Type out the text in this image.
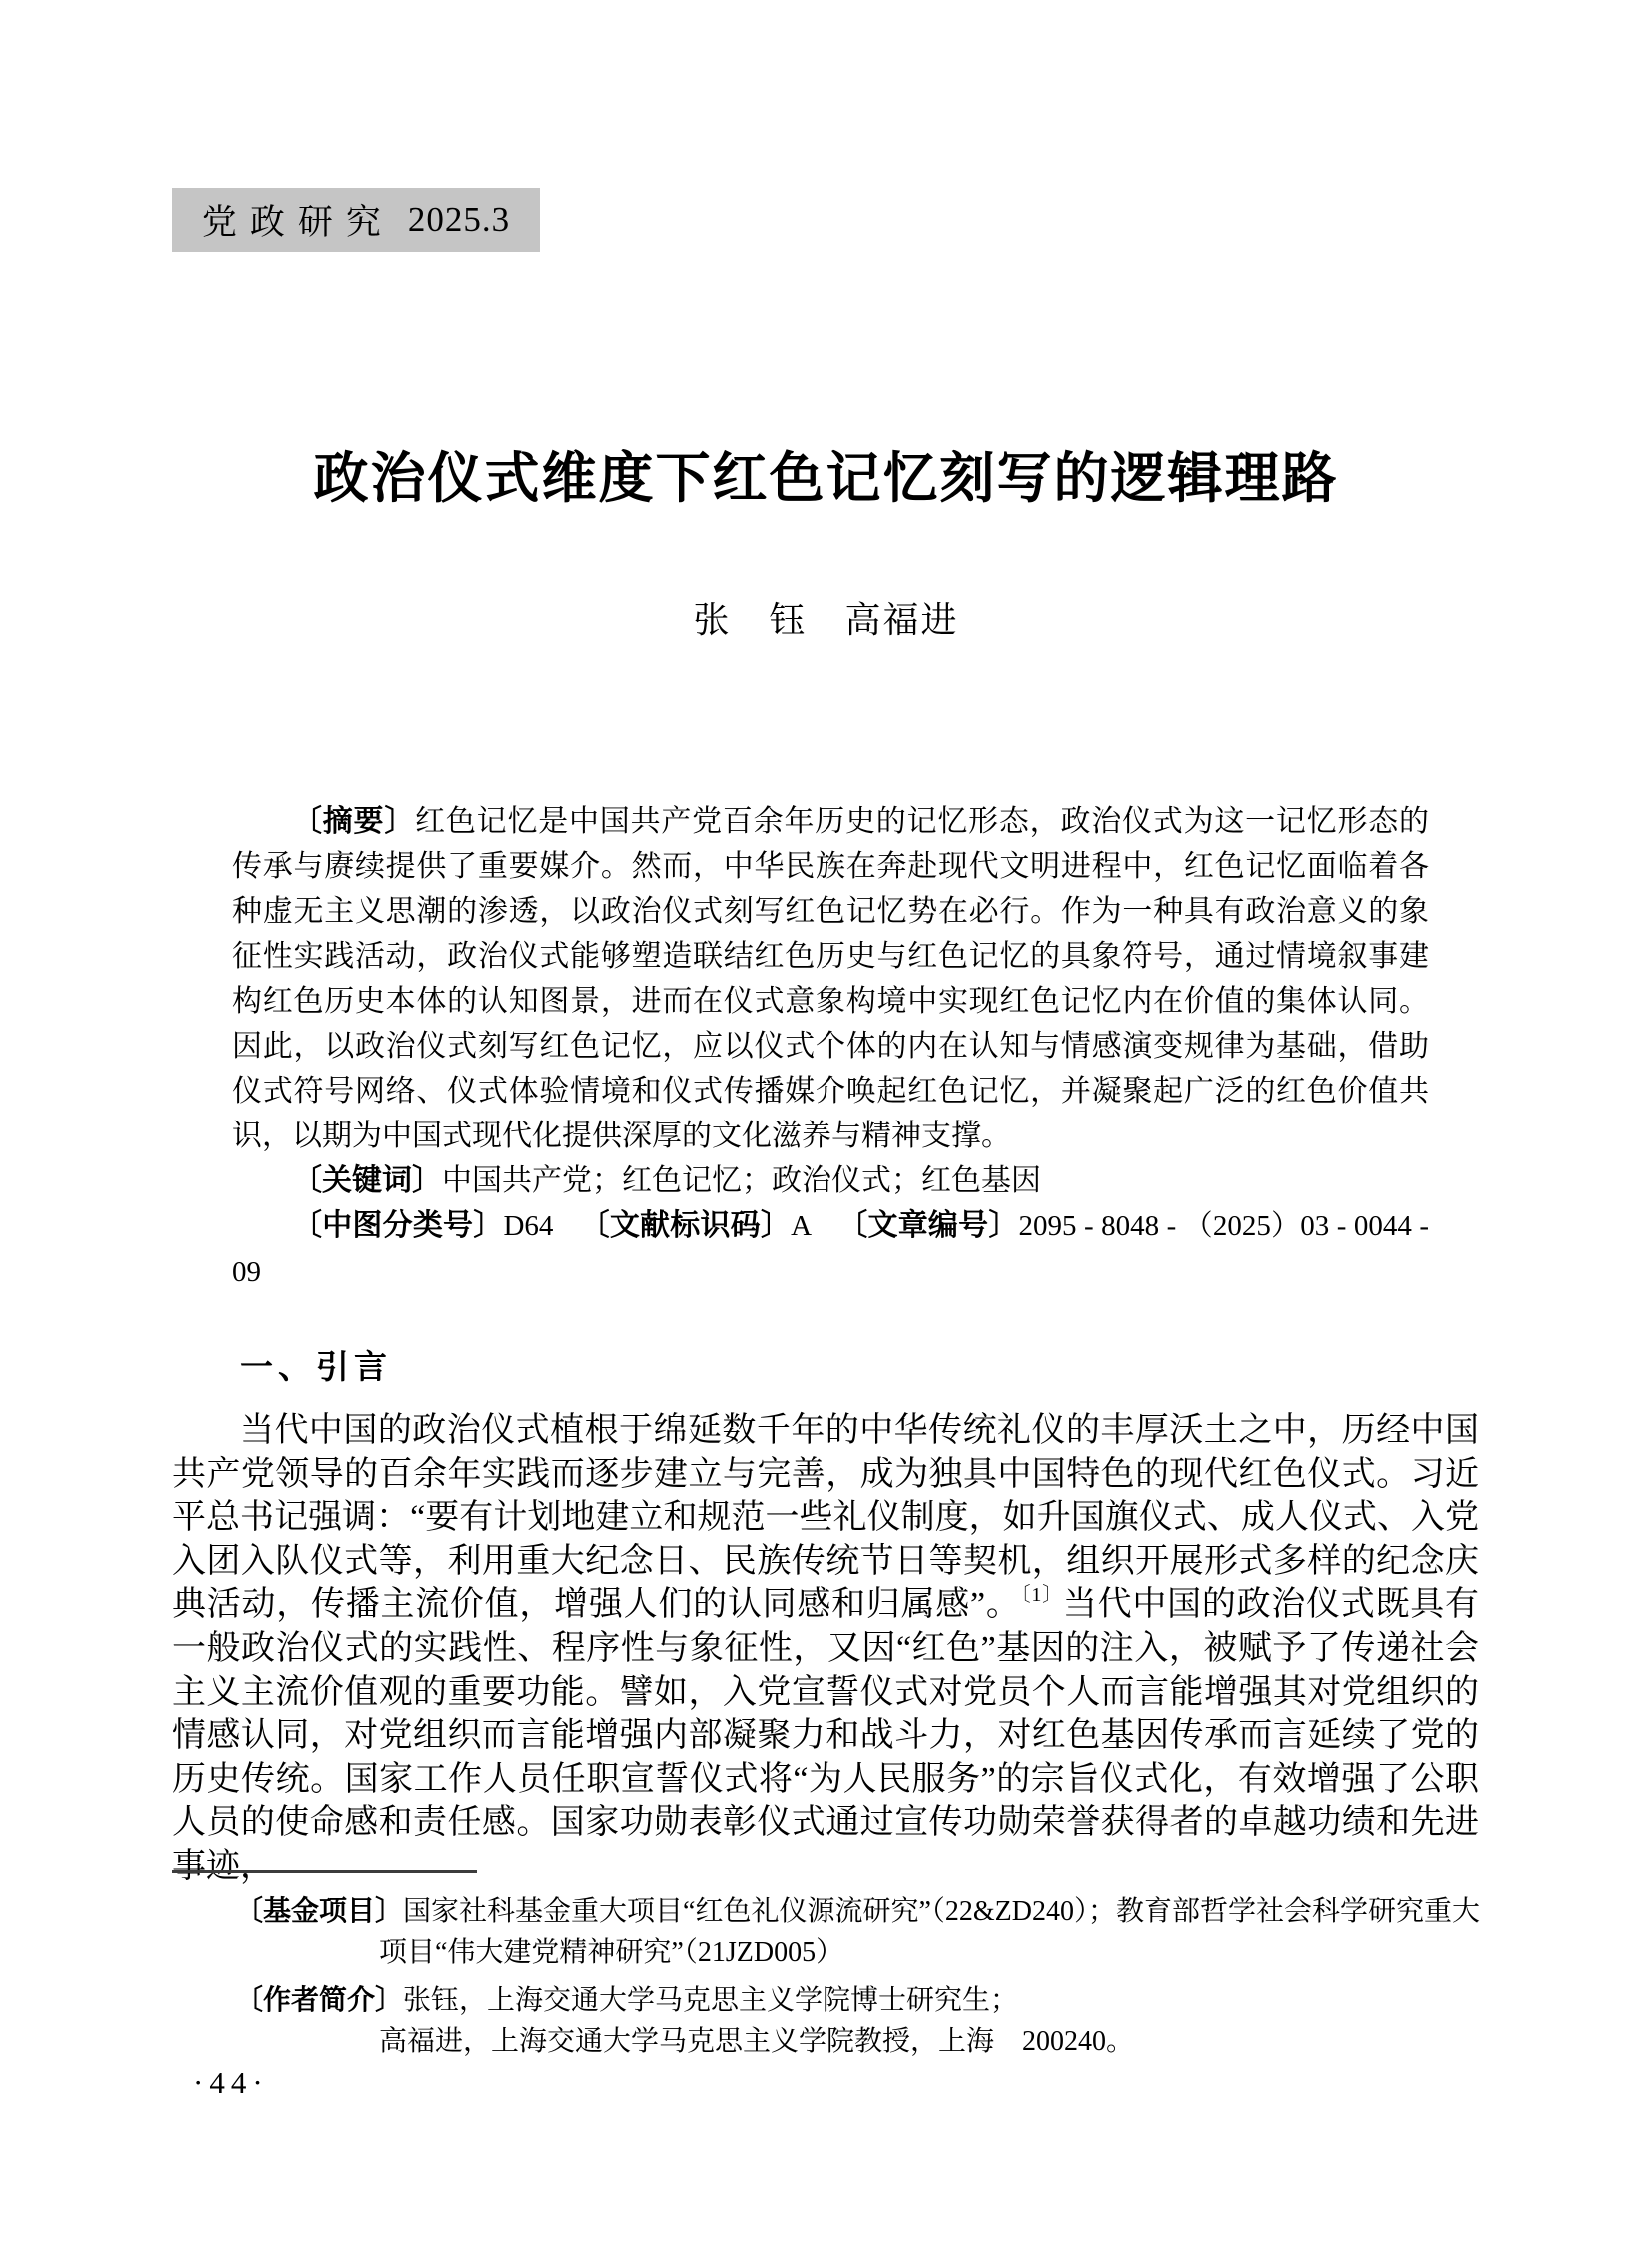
党政研究 2025.3
政治仪式维度下红色记忆刻写的逻辑理路
张　钰　高福进

〔摘要〕红色记忆是中国共产党百余年历史的记忆形态，政治仪式为这一记忆形态的传承与赓续提供了重要媒介。然而，中华民族在奔赴现代文明进程中，红色记忆面临着各种虚无主义思潮的渗透，以政治仪式刻写红色记忆势在必行。作为一种具有政治意义的象征性实践活动，政治仪式能够塑造联结红色历史与红色记忆的具象符号，通过情境叙事建构红色历史本体的认知图景，进而在仪式意象构境中实现红色记忆内在价值的集体认同。因此，以政治仪式刻写红色记忆，应以仪式个体的内在认知与情感演变规律为基础，借助仪式符号网络、仪式体验情境和仪式传播媒介唤起红色记忆，并凝聚起广泛的红色价值共识，以期为中国式现代化提供深厚的文化滋养与精神支撑。

〔关键词〕中国共产党；红色记忆；政治仪式；红色基因

〔中图分类号〕D64 〔文献标识码〕A 〔文章编号〕2095 - 8048 - （2025）03 - 0044 - 09

一、引言
当代中国的政治仪式植根于绵延数千年的中华传统礼仪的丰厚沃土之中，历经中国共产党领导的百余年实践而逐步建立与完善，成为独具中国特色的现代红色仪式。习近平总书记强调：“要有计划地建立和规范一些礼仪制度，如升国旗仪式、成人仪式、入党入团入队仪式等，利用重大纪念日、民族传统节日等契机，组织开展形式多样的纪念庆典活动，传播主流价值，增强人们的认同感和归属感”。$^{〔1〕}$当代中国的政治仪式既具有一般政治仪式的实践性、程序性与象征性，又因“红色”基因的注入，被赋予了传递社会主义主流价值观的重要功能。譬如，入党宣誓仪式对党员个人而言能增强其对党组织的情感认同，对党组织而言能增强内部凝聚力和战斗力，对红色基因传承而言延续了党的历史传统。国家工作人员任职宣誓仪式将“为人民服务”的宗旨仪式化，有效增强了公职人员的使命感和责任感。国家功勋表彰仪式通过宣传功勋荣誉获得者的卓越功绩和先进事迹，

〔基金项目〕国家社科基金重大项目“红色礼仪源流研究”（22&ZD240）；教育部哲学社会科学研究重大项目“伟大建党精神研究”（21JZD005）

〔作者简介〕张钰，上海交通大学马克思主义学院博士研究生；
高福进，上海交通大学马克思主义学院教授，上海　200240。

·44·
